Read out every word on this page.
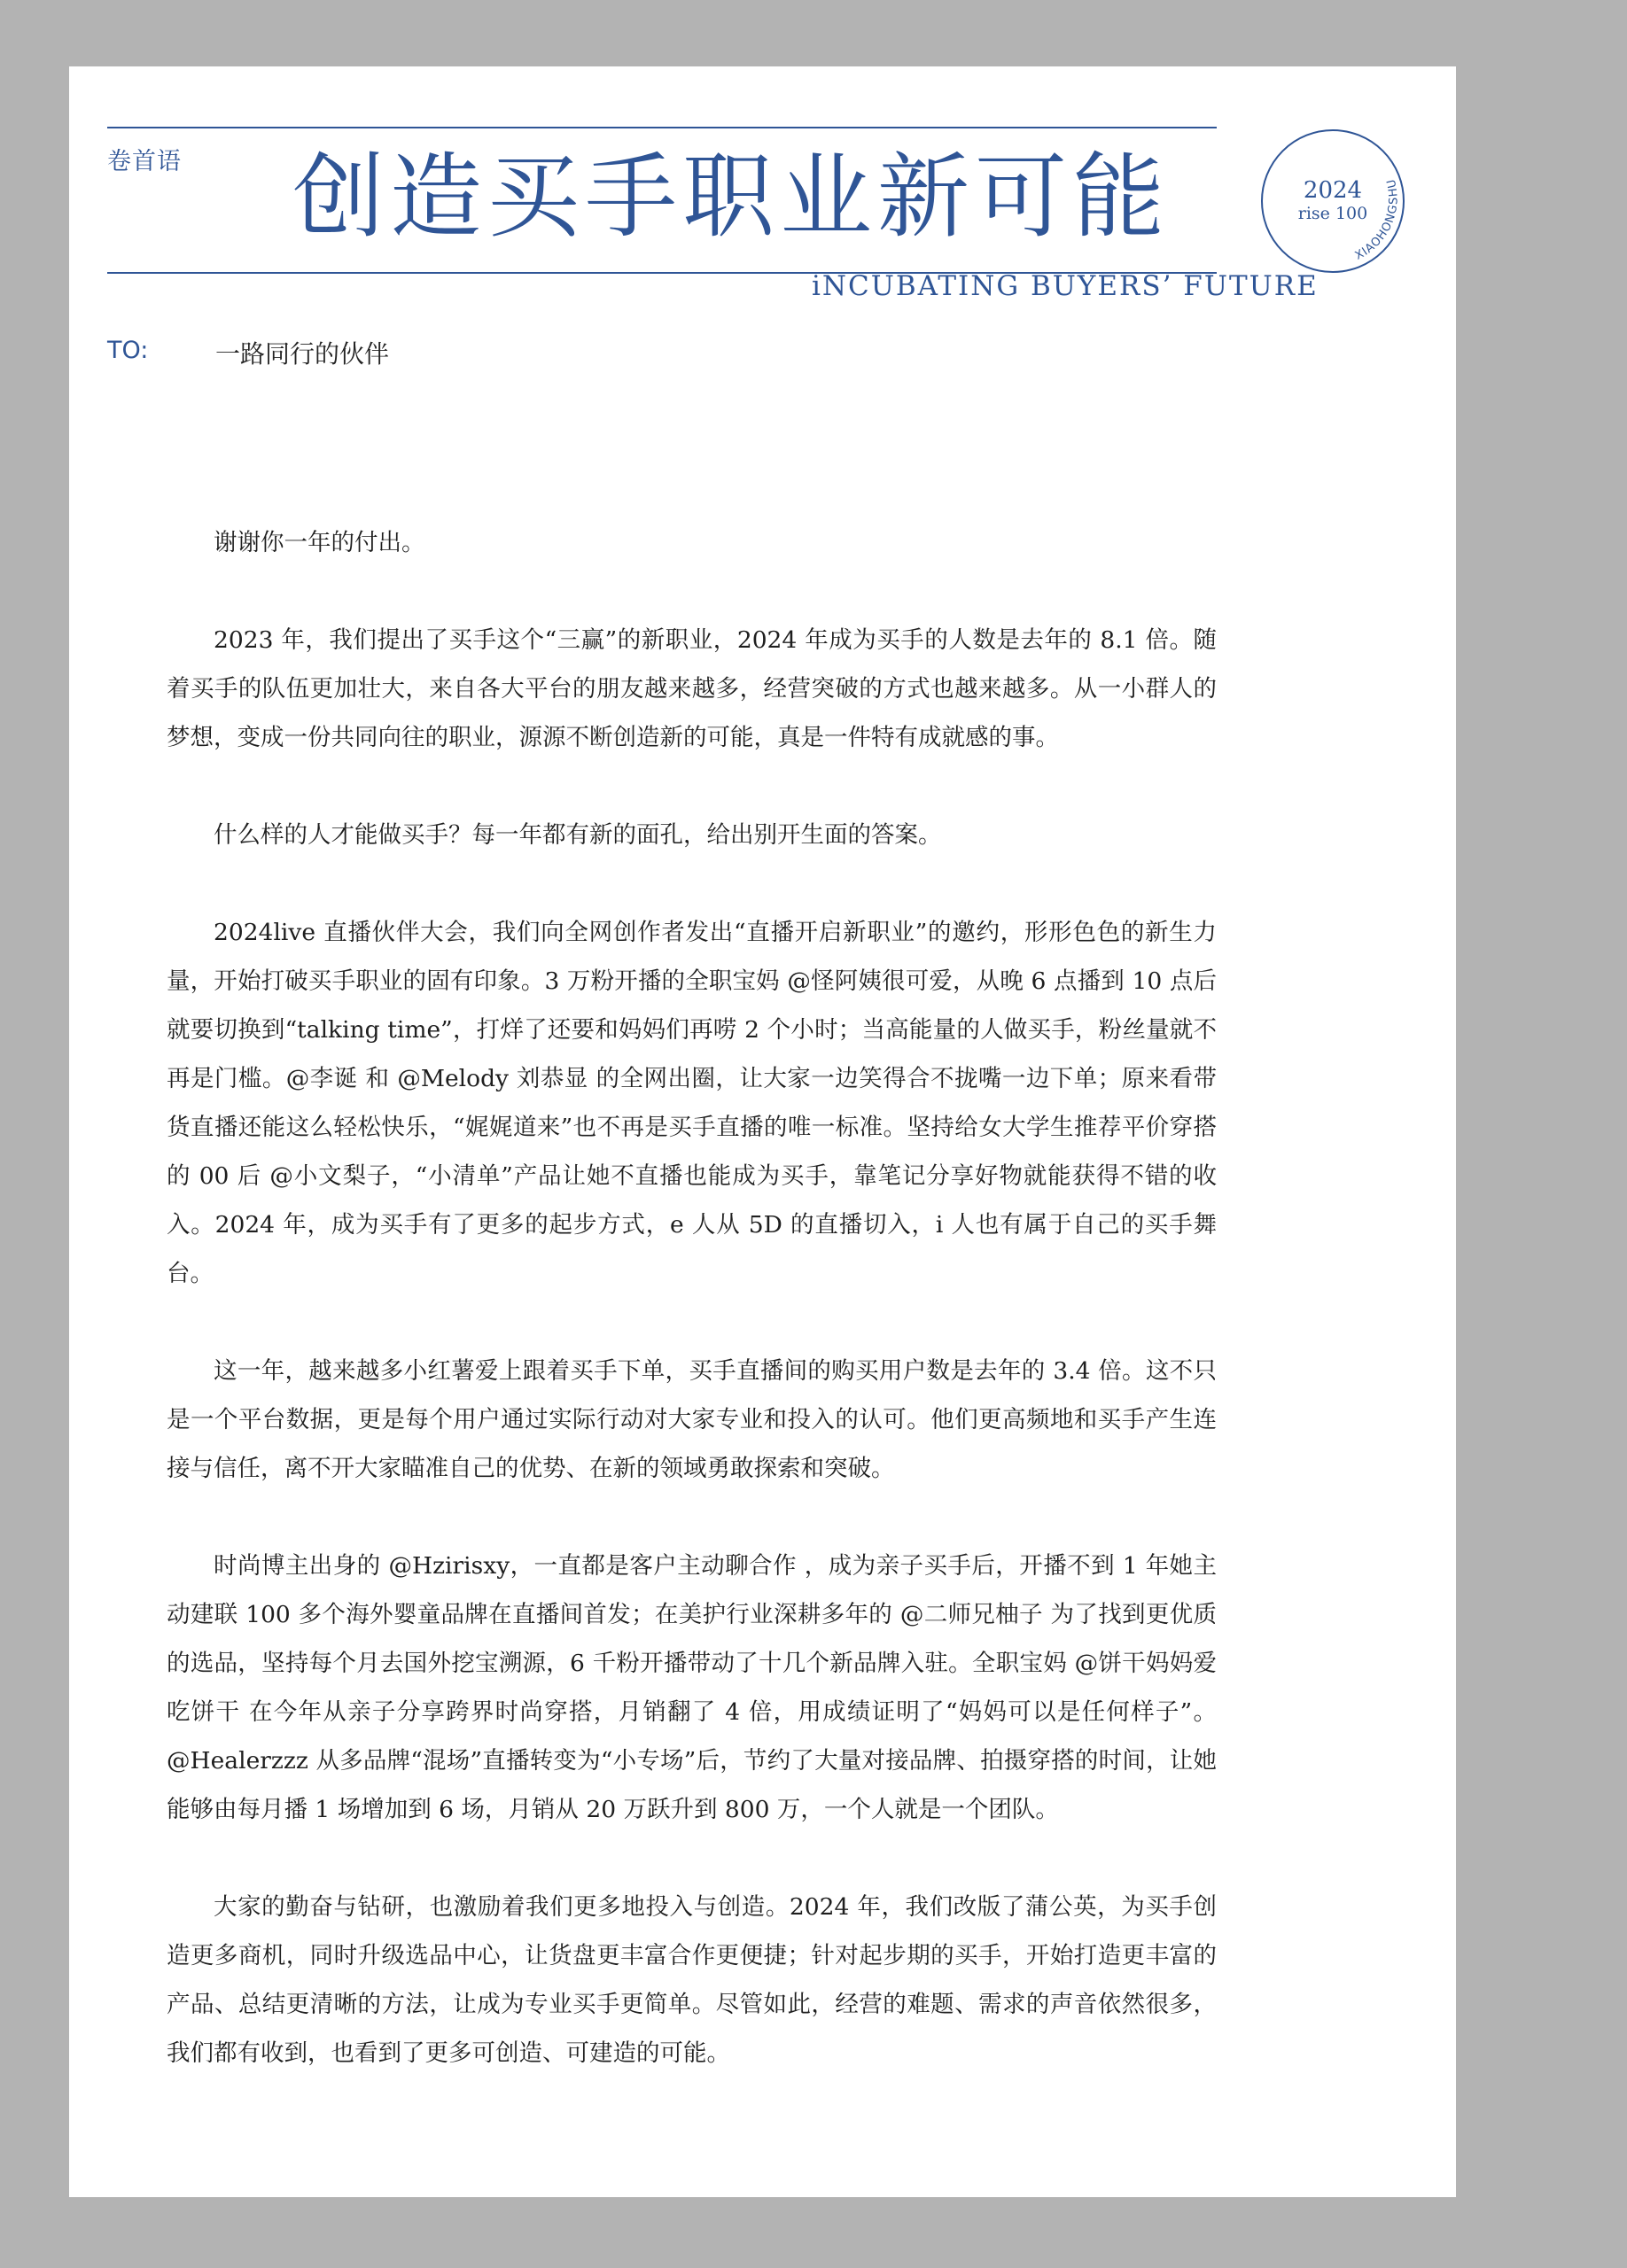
卷首语 创造买手职业新可能
iNCUBATING BUYERS’ FUTURE
2024
rise 100
XIAOHONGSHU
TO:	一路同行的伙伴

谢谢你一年的付出。

2023 年，我们提出了买手这个“三赢”的新职业，2024 年成为买手的人数是去年的 8.1 倍。随着买手的队伍更加壮大，来自各大平台的朋友越来越多，经营突破的方式也越来越多。从一小群人的梦想，变成一份共同向往的职业，源源不断创造新的可能，真是一件特有成就感的事。

什么样的人才能做买手？每一年都有新的面孔，给出别开生面的答案。

2024live 直播伙伴大会，我们向全网创作者发出“直播开启新职业”的邀约，形形色色的新生力量，开始打破买手职业的固有印象。3 万粉开播的全职宝妈 @怪阿姨很可爱，从晚 6 点播到 10 点后就要切换到“talking time”，打烊了还要和妈妈们再唠 2 个小时；当高能量的人做买手，粉丝量就不再是门槛。@李诞 和 @Melody 刘恭显 的全网出圈，让大家一边笑得合不拢嘴一边下单；原来看带货直播还能这么轻松快乐，“娓娓道来”也不再是买手直播的唯一标准。坚持给女大学生推荐平价穿搭的 00 后 @小文梨子，“小清单”产品让她不直播也能成为买手，靠笔记分享好物就能获得不错的收入。2024 年，成为买手有了更多的起步方式，e 人从 5D 的直播切入，i 人也有属于自己的买手舞台。

这一年，越来越多小红薯爱上跟着买手下单，买手直播间的购买用户数是去年的 3.4 倍。这不只是一个平台数据，更是每个用户通过实际行动对大家专业和投入的认可。他们更高频地和买手产生连接与信任，离不开大家瞄准自己的优势、在新的领域勇敢探索和突破。

时尚博主出身的 @Hzirisxy，一直都是客户主动聊合作 ，成为亲子买手后，开播不到 1 年她主动建联 100 多个海外婴童品牌在直播间首发；在美护行业深耕多年的 @二师兄柚子 为了找到更优质的选品，坚持每个月去国外挖宝溯源，6 千粉开播带动了十几个新品牌入驻。全职宝妈 @饼干妈妈爱吃饼干 在今年从亲子分享跨界时尚穿搭，月销翻了 4 倍，用成绩证明了“妈妈可以是任何样子”。@Healerzzz 从多品牌“混场”直播转变为“小专场”后，节约了大量对接品牌、拍摄穿搭的时间，让她能够由每月播 1 场增加到 6 场，月销从 20 万跃升到 800 万，一个人就是一个团队。

大家的勤奋与钻研，也激励着我们更多地投入与创造。2024 年，我们改版了蒲公英，为买手创造更多商机，同时升级选品中心，让货盘更丰富合作更便捷；针对起步期的买手，开始打造更丰富的产品、总结更清晰的方法，让成为专业买手更简单。尽管如此，经营的难题、需求的声音依然很多，我们都有收到，也看到了更多可创造、可建造的可能。
